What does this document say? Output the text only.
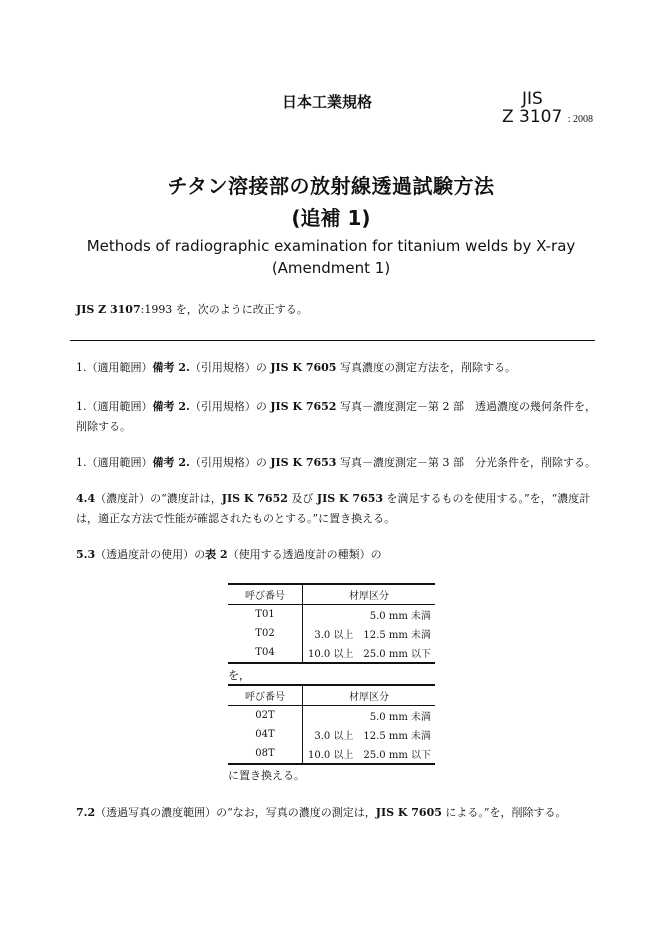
日本工業規格	JIS
Z 3107 : 2008
チタン溶接部の放射線透過試験方法
(追補 1)
Methods of radiographic examination for titanium welds by X-ray
(Amendment 1)
JIS Z 3107:1993 を，次のように改正する。
1.（適用範囲）備考 2.（引用規格）の JIS K 7605 写真濃度の測定方法を，削除する。
1.（適用範囲）備考 2.（引用規格）の JIS K 7652 写真－濃度測定－第 2 部　透過濃度の幾何条件を，削除する。
1.（適用範囲）備考 2.（引用規格）の JIS K 7653 写真－濃度測定－第 3 部　分光条件を，削除する。
4.4（濃度計）の“濃度計は，JIS K 7652 及び JIS K 7653 を満足するものを使用する。”を，“濃度計は，適正な方法で性能が確認されたものとする。”に置き換える。
5.3（透過度計の使用）の表 2（使用する透過度計の種類）の
呼び番号	材厚区分
T01	5.0 mm 未満
T02	3.0 以上　12.5 mm 未満
T04	10.0 以上　25.0 mm 以下
を，
呼び番号	材厚区分
02T	5.0 mm 未満
04T	3.0 以上　12.5 mm 未満
08T	10.0 以上　25.0 mm 以下
に置き換える。
7.2（透過写真の濃度範囲）の“なお，写真の濃度の測定は，JIS K 7605 による。”を，削除する。
